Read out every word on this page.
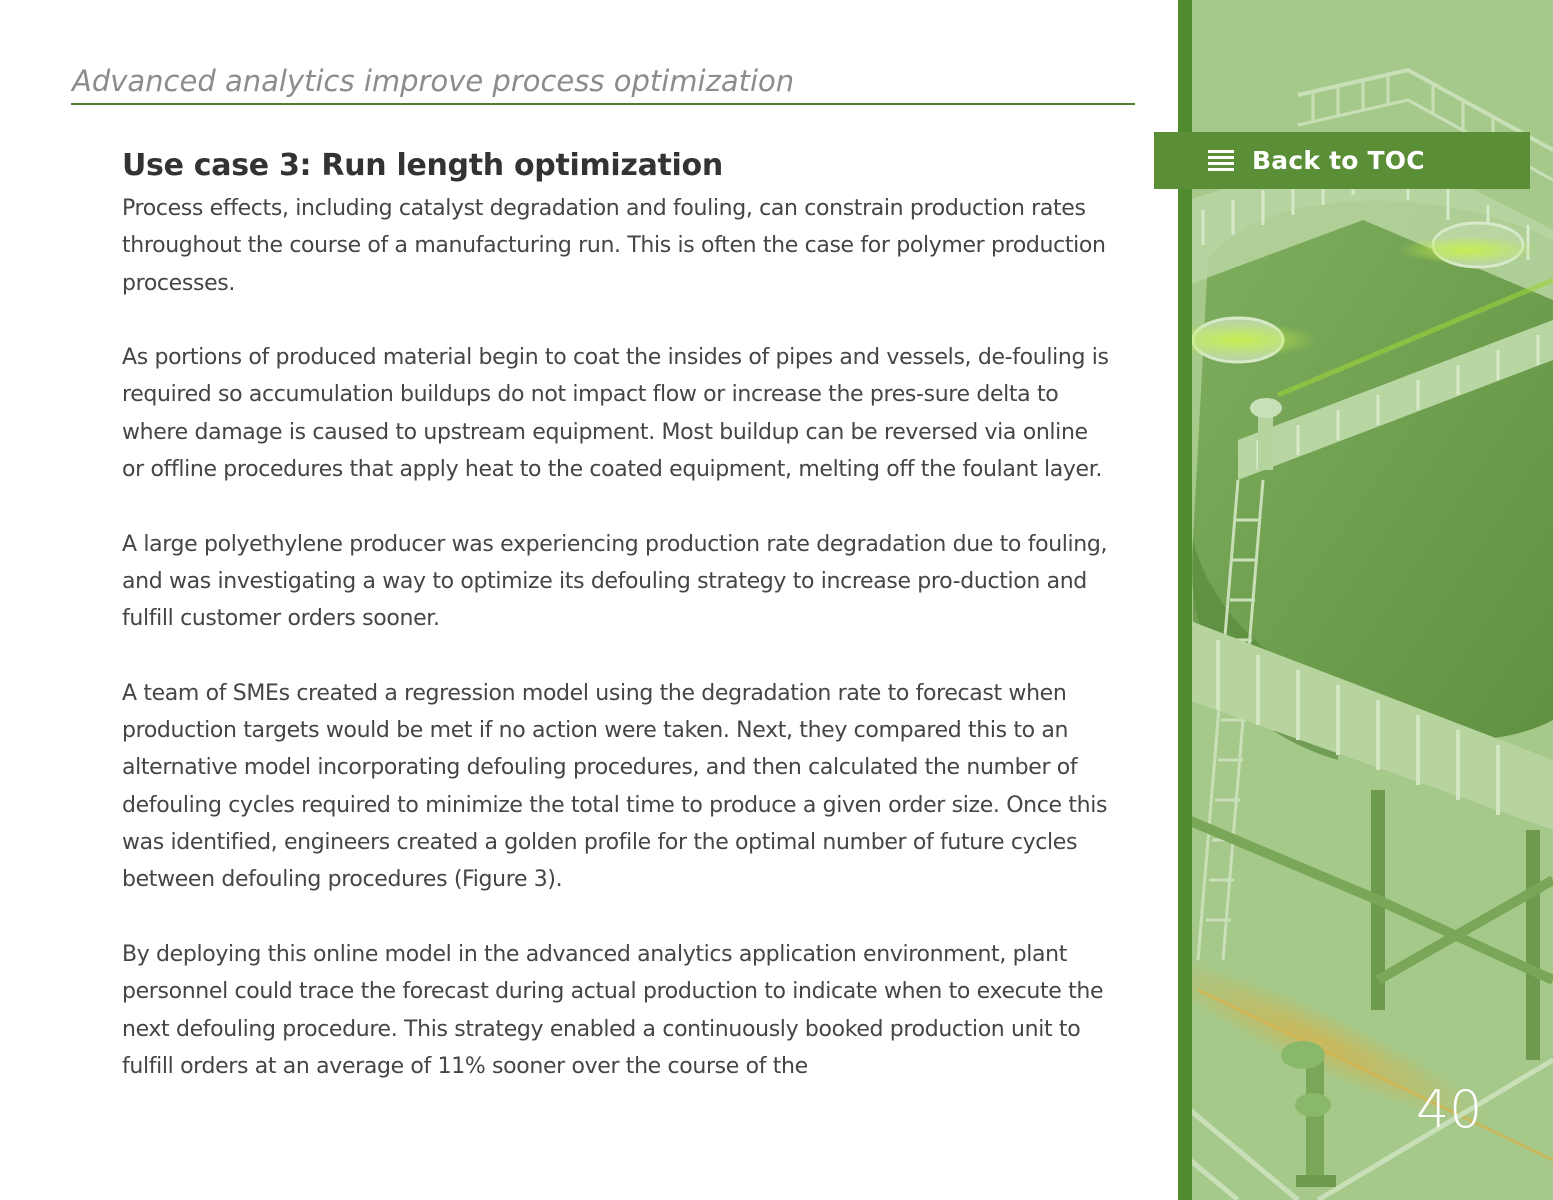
Advanced analytics improve process optimization
Use case 3: Run length optimization

Process effects, including catalyst degradation and fouling, can constrain production rates throughout the course of a manufacturing run. This is often the case for polymer production processes.

As portions of produced material begin to coat the insides of pipes and vessels, de-fouling is required so accumulation buildups do not impact flow or increase the pres-sure delta to where damage is caused to upstream equipment. Most buildup can be reversed via online or offline procedures that apply heat to the coated equipment, melting off the foulant layer.

A large polyethylene producer was experiencing production rate degradation due to fouling, and was investigating a way to optimize its defouling strategy to increase pro-duction and fulfill customer orders sooner.

A team of SMEs created a regression model using the degradation rate to forecast when production targets would be met if no action were taken. Next, they compared this to an alternative model incorporating defouling procedures, and then calculated the number of defouling cycles required to minimize the total time to produce a given order size. Once this was identified, engineers created a golden profile for the optimal number of future cycles between defouling procedures (Figure 3).

By deploying this online model in the advanced analytics application environment, plant personnel could trace the forecast during actual production to indicate when to execute the next defouling procedure. This strategy enabled a continuously booked production unit to fulfill orders at an average of 11% sooner over the course of the

Back to TOC
40
